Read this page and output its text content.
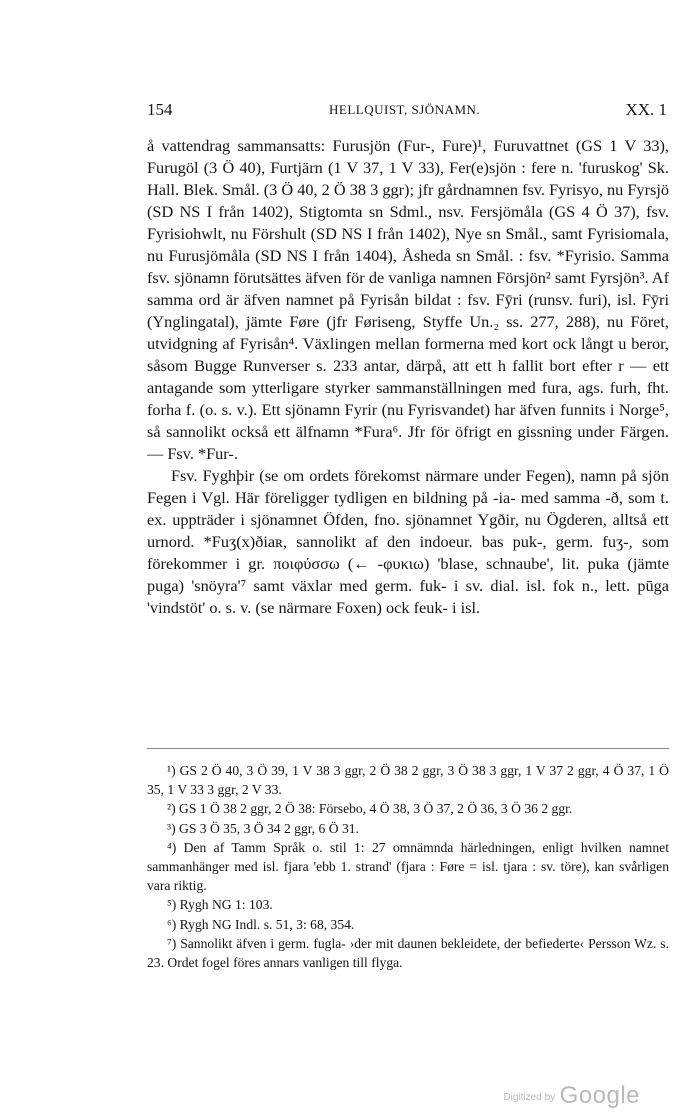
154	HELLQUIST, SJÖNAMN.	XX. 1

å vattendrag sammansatts: Furusjön (Fur-, Fure)¹, Furuvattnet (GS 1 V 33), Furugöl (3 Ö 40), Furtjärn (1 V 37, 1 V 33), Fer(e)sjön : fere n. 'furuskog' Sk. Hall. Blek. Smål. (3 Ö 40, 2 Ö 38 3 ggr); jfr gårdnamnen fsv. Fyrisyo, nu Fyrsjö (SD NS I från 1402), Stigtomta sn Sdml., nsv. Fersjömåla (GS 4 Ö 37), fsv. Fyrisiohwlt, nu Förshult (SD NS I från 1402), Nye sn Smål., samt Fyrisiomala, nu Furusjömåla (SD NS I från 1404), Åsheda sn Smål. : fsv. *Fyrisio. Samma fsv. sjönamn förutsättes äfven för de vanliga namnen Försjön² samt Fyrsjön³. Af samma ord är äfven namnet på Fyrisån bildat : fsv. Fȳri (runsv. furi), isl. Fȳri (Ynglingatal), jämte Føre (jfr Føriseng, Styffe Un.₂ ss. 277, 288), nu Föret, utvidgning af Fyrisån⁴. Växlingen mellan formerna med kort ock långt u beror, såsom Bugge Runverser s. 233 antar, därpå, att ett h fallit bort efter r — ett antagande som ytterligare styrker sammanställningen med fura, ags. furh, fht. forha f. (o. s. v.). Ett sjönamn Fyrir (nu Fyrisvandet) har äfven funnits i Norge⁵, så sannolikt också ett älfnamn *Fura⁶. Jfr för öfrigt en gissning under Färgen. — Fsv. *Fur-.

Fsv. Fyghþir (se om ordets förekomst närmare under Fegen), namn på sjön Fegen i Vgl. Här föreligger tydligen en bildning på -ia- med samma -ð, som t. ex. uppträder i sjönamnet Öfden, fno. sjönamnet Ygðir, nu Ögderen, alltså ett urnord. *Fuʒ(x)ðiaʀ, sannolikt af den indoeur. bas puk-, germ. fuʒ-, som förekommer i gr. ποιφύσσω (← -φυκιω) 'blase, schnaube', lit. puka (jämte puga) 'snöyra'⁷ samt växlar med germ. fuk- i sv. dial. isl. fok n., lett. pūga 'vindstöt' o. s. v. (se närmare Foxen) ock feuk- i isl.

¹) GS 2 Ö 40, 3 Ö 39, 1 V 38 3 ggr, 2 Ö 38 2 ggr, 3 Ö 38 3 ggr, 1 V 37 2 ggr, 4 Ö 37, 1 Ö 35, 1 V 33 3 ggr, 2 V 33.

²) GS 1 Ö 38 2 ggr, 2 Ö 38: Försebo, 4 Ö 38, 3 Ö 37, 2 Ö 36, 3 Ö 36 2 ggr.

³) GS 3 Ö 35, 3 Ö 34 2 ggr, 6 Ö 31.

⁴) Den af Tamm Språk o. stil 1: 27 omnämnda härledningen, enligt hvilken namnet sammanhänger med isl. fjara 'ebb 1. strand' (fjara : Føre = isl. tjara : sv. töre), kan svårligen vara riktig.

⁵) Rygh NG 1: 103.

⁶) Rygh NG Indl. s. 51, 3: 68, 354.

⁷) Sannolikt äfven i germ. fugla- ›der mit daunen bekleidete, der befiederte‹ Persson Wz. s. 23. Ordet fogel föres annars vanligen till flyga.

Digitized by Google
